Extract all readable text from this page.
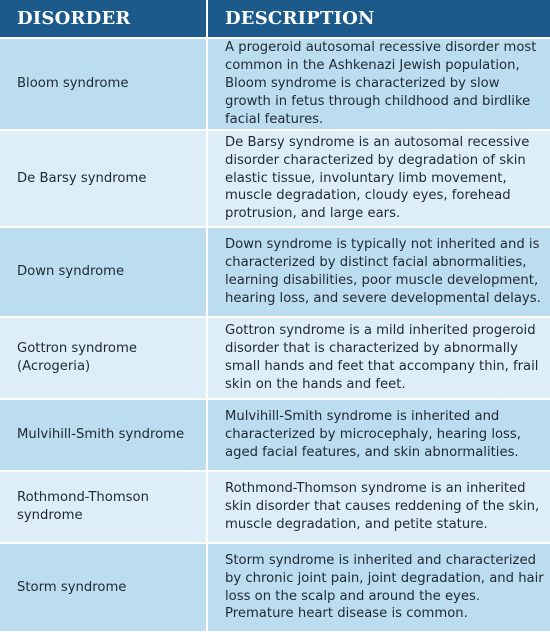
DISORDER	DESCRIPTION
Bloom syndrome	A progeroid autosomal recessive disorder most common in the Ashkenazi Jewish population, Bloom syndrome is characterized by slow growth in fetus through childhood and birdlike facial features.
De Barsy syndrome	De Barsy syndrome is an autosomal recessive disorder characterized by degradation of skin elastic tissue, involuntary limb movement, muscle degradation, cloudy eyes, forehead protrusion, and large ears.
Down syndrome	Down syndrome is typically not inherited and is characterized by distinct facial abnormalities, learning disabilities, poor muscle development, hearing loss, and severe developmental delays.
Gottron syndrome (Acrogeria)	Gottron syndrome is a mild inherited progeroid disorder that is characterized by abnormally small hands and feet that accompany thin, frail skin on the hands and feet.
Mulvihill-Smith syndrome	Mulvihill-Smith syndrome is inherited and characterized by microcephaly, hearing loss, aged facial features, and skin abnormalities.
Rothmond-Thomson syndrome	Rothmond-Thomson syndrome is an inherited skin disorder that causes reddening of the skin, muscle degradation, and petite stature.
Storm syndrome	Storm syndrome is inherited and characterized by chronic joint pain, joint degradation, and hair loss on the scalp and around the eyes. Premature heart disease is common.
